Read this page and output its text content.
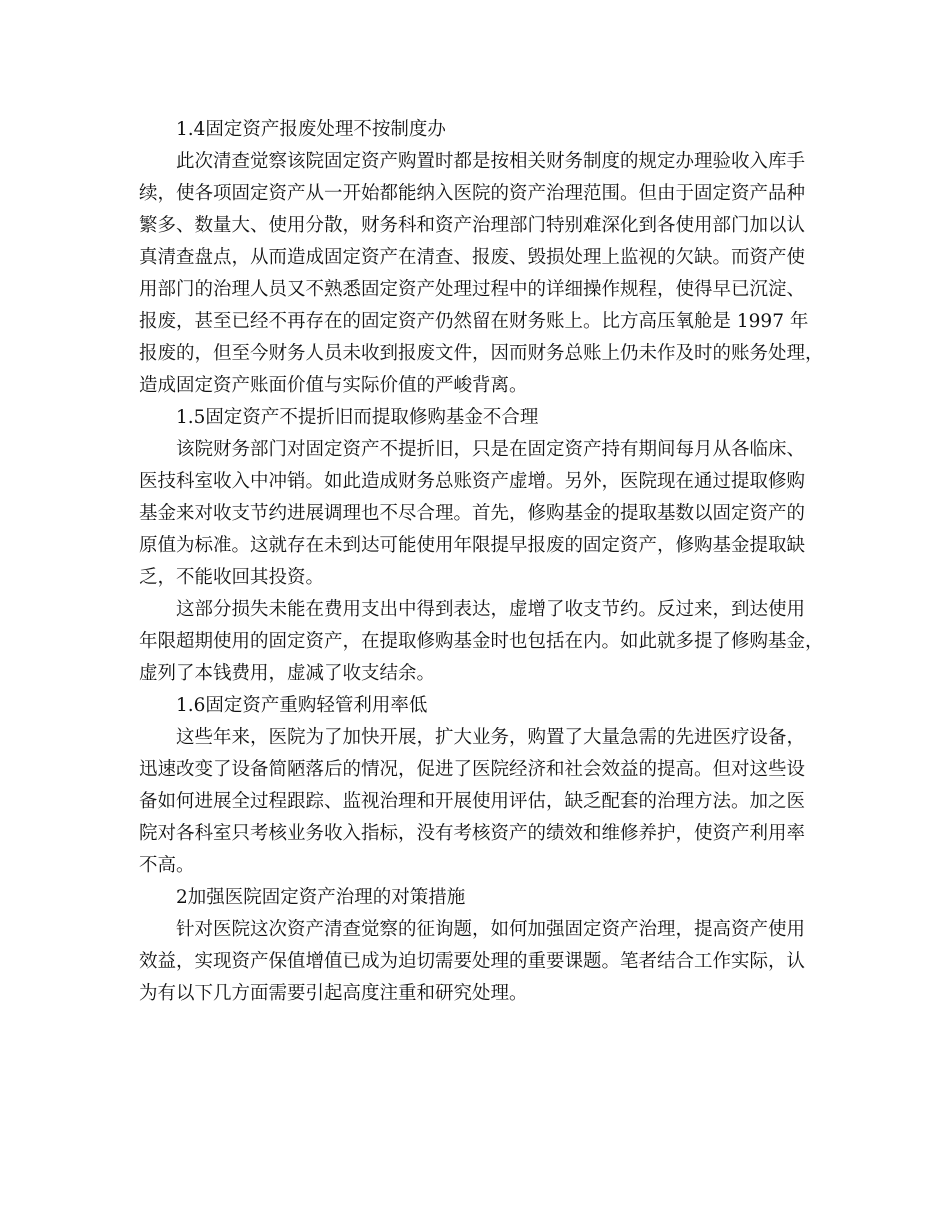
1.4固定资产报废处理不按制度办

此次清查觉察该院固定资产购置时都是按相关财务制度的规定办理验收入库手

续，使各项固定资产从一开始都能纳入医院的资产治理范围。但由于固定资产品种

繁多、数量大、使用分散，财务科和资产治理部门特别难深化到各使用部门加以认

真清查盘点，从而造成固定资产在清查、报废、毁损处理上监视的欠缺。而资产使

用部门的治理人员又不熟悉固定资产处理过程中的详细操作规程，使得早已沉淀、

报废，甚至已经不再存在的固定资产仍然留在财务账上。比方高压氧舱是 1997 年

报废的，但至今财务人员未收到报废文件，因而财务总账上仍未作及时的账务处理，

造成固定资产账面价值与实际价值的严峻背离。

1.5固定资产不提折旧而提取修购基金不合理

该院财务部门对固定资产不提折旧，只是在固定资产持有期间每月从各临床、

医技科室收入中冲销。如此造成财务总账资产虚增。另外，医院现在通过提取修购

基金来对收支节约进展调理也不尽合理。首先，修购基金的提取基数以固定资产的

原值为标准。这就存在未到达可能使用年限提早报废的固定资产，修购基金提取缺

乏，不能收回其投资。

这部分损失未能在费用支出中得到表达，虚增了收支节约。反过来，到达使用

年限超期使用的固定资产，在提取修购基金时也包括在内。如此就多提了修购基金，

虚列了本钱费用，虚减了收支结余。

1.6固定资产重购轻管利用率低

这些年来，医院为了加快开展，扩大业务，购置了大量急需的先进医疗设备，

迅速改变了设备简陋落后的情况，促进了医院经济和社会效益的提高。但对这些设

备如何进展全过程跟踪、监视治理和开展使用评估，缺乏配套的治理方法。加之医

院对各科室只考核业务收入指标，没有考核资产的绩效和维修养护，使资产利用率

不高。

2加强医院固定资产治理的对策措施

针对医院这次资产清查觉察的征询题，如何加强固定资产治理，提高资产使用

效益，实现资产保值增值已成为迫切需要处理的重要课题。笔者结合工作实际，认

为有以下几方面需要引起高度注重和研究处理。
